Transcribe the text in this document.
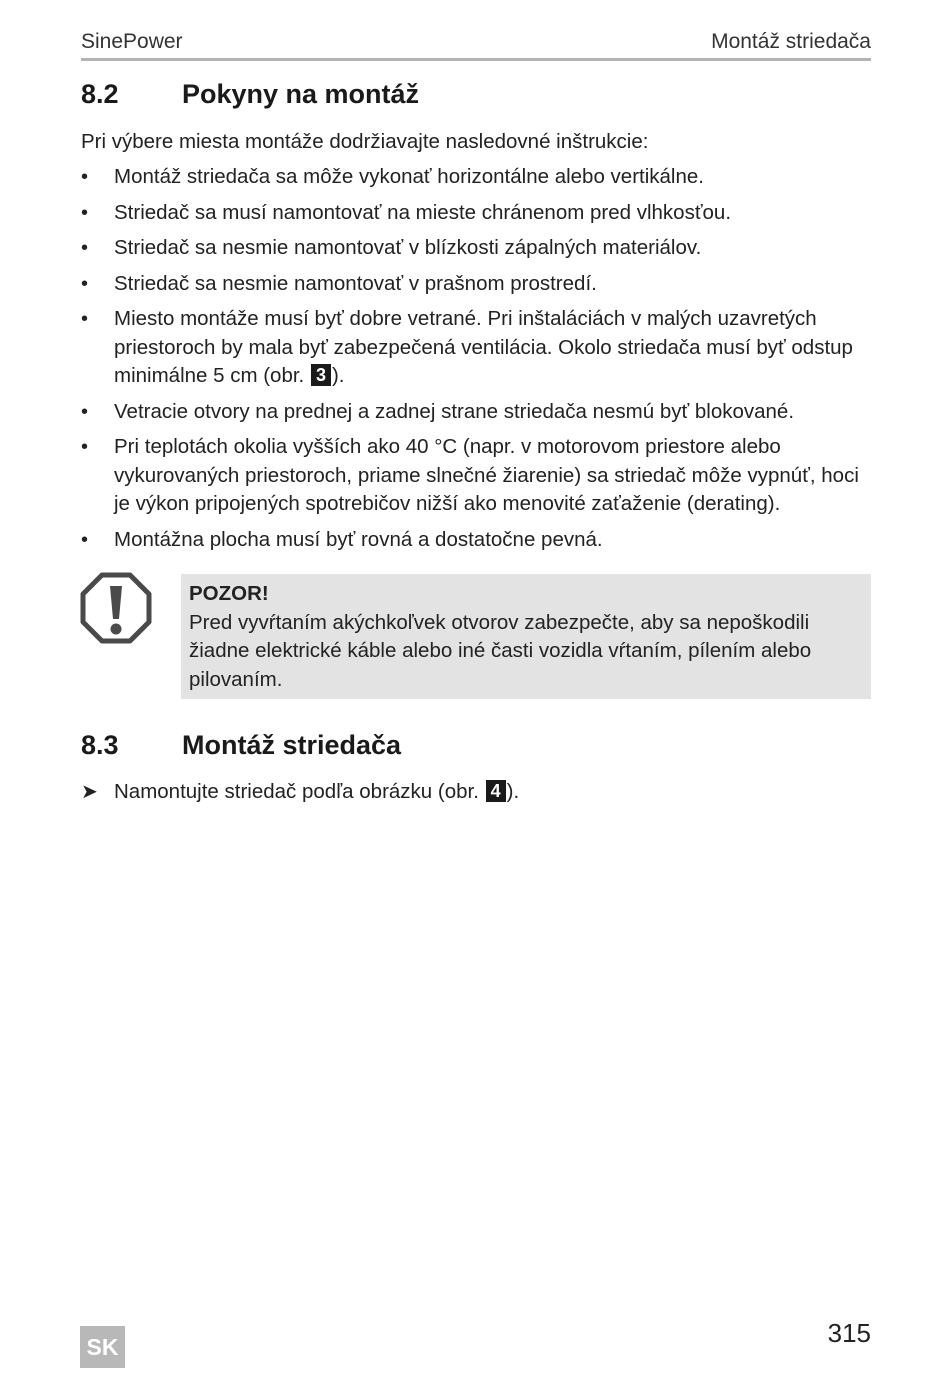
SinePower	Montáž striedača
8.2	Pokyny na montáž
Pri výbere miesta montáže dodržiavajte nasledovné inštrukcie:
•	Montáž striedača sa môže vykonať horizontálne alebo vertikálne.
•	Striedač sa musí namontovať na mieste chránenom pred vlhkosťou.
•	Striedač sa nesmie namontovať v blízkosti zápalných materiálov.
•	Striedač sa nesmie namontovať v prašnom prostredí.
•	Miesto montáže musí byť dobre vetrané. Pri inštaláciách v malých uzavretých priestoroch by mala byť zabezpečená ventilácia. Okolo striedača musí byť odstup minimálne 5 cm (obr. 3 ).
•	Vetracie otvory na prednej a zadnej strane striedača nesmú byť blokované.
•	Pri teplotách okolia vyšších ako 40 °C (napr. v motorovom priestore alebo vykurovaných priestoroch, priame slnečné žiarenie) sa striedač môže vypnúť, hoci je výkon pripojených spotrebičov nižší ako menovité zaťaženie (derating).
•	Montážna plocha musí byť rovná a dostatočne pevná.
POZOR!
Pred vyvŕtaním akýchkoľvek otvorov zabezpečte, aby sa nepoškodili žiadne elektrické káble alebo iné časti vozidla vŕtaním, pílením alebo pilovaním.
8.3	Montáž striedača
➤ Namontujte striedač podľa obrázku (obr. 4 ).
SK	315
